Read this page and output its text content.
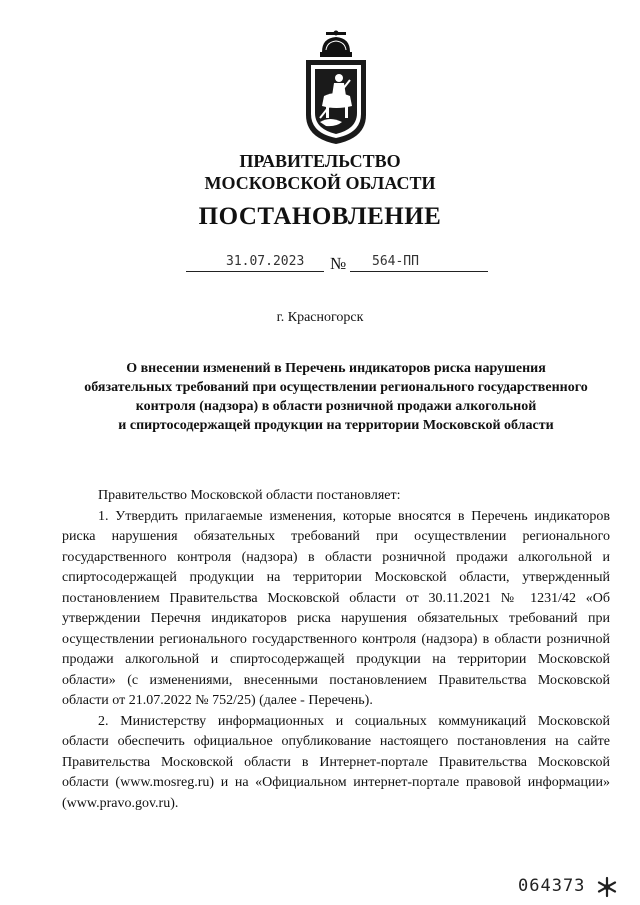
ПРАВИТЕЛЬСТВО
МОСКОВСКОЙ ОБЛАСТИ
ПОСТАНОВЛЕНИЕ
31.07.2023 № 564-ПП
г. Красногорск
О внесении изменений в Перечень индикаторов риска нарушения
обязательных требований при осуществлении регионального государственного
контроля (надзора) в области розничной продажи алкогольной
и спиртосодержащей продукции на территории Московской области

Правительство Московской области постановляет:

1. Утвердить прилагаемые изменения, которые вносятся в Перечень индикаторов риска нарушения обязательных требований при осуществлении регионального государственного контроля (надзора) в области розничной продажи алкогольной и спиртосодержащей продукции на территории Московской области, утвержденный постановлением Правительства Московской области от 30.11.2021 № 1231/42 «Об утверждении Перечня индикаторов риска нарушения обязательных требований при осуществлении регионального государственного контроля (надзора) в области розничной продажи алкогольной и спиртосодержащей продукции на территории Московской области» (с изменениями, внесенными постановлением Правительства Московской области от 21.07.2022 № 752/25) (далее - Перечень).

2. Министерству информационных и социальных коммуникаций Московской области обеспечить официальное опубликование настоящего постановления на сайте Правительства Московской области в Интернет-портале Правительства Московской области (www.mosreg.ru) и на «Официальном интернет-портале правовой информации» (www.pravo.gov.ru).

064373
